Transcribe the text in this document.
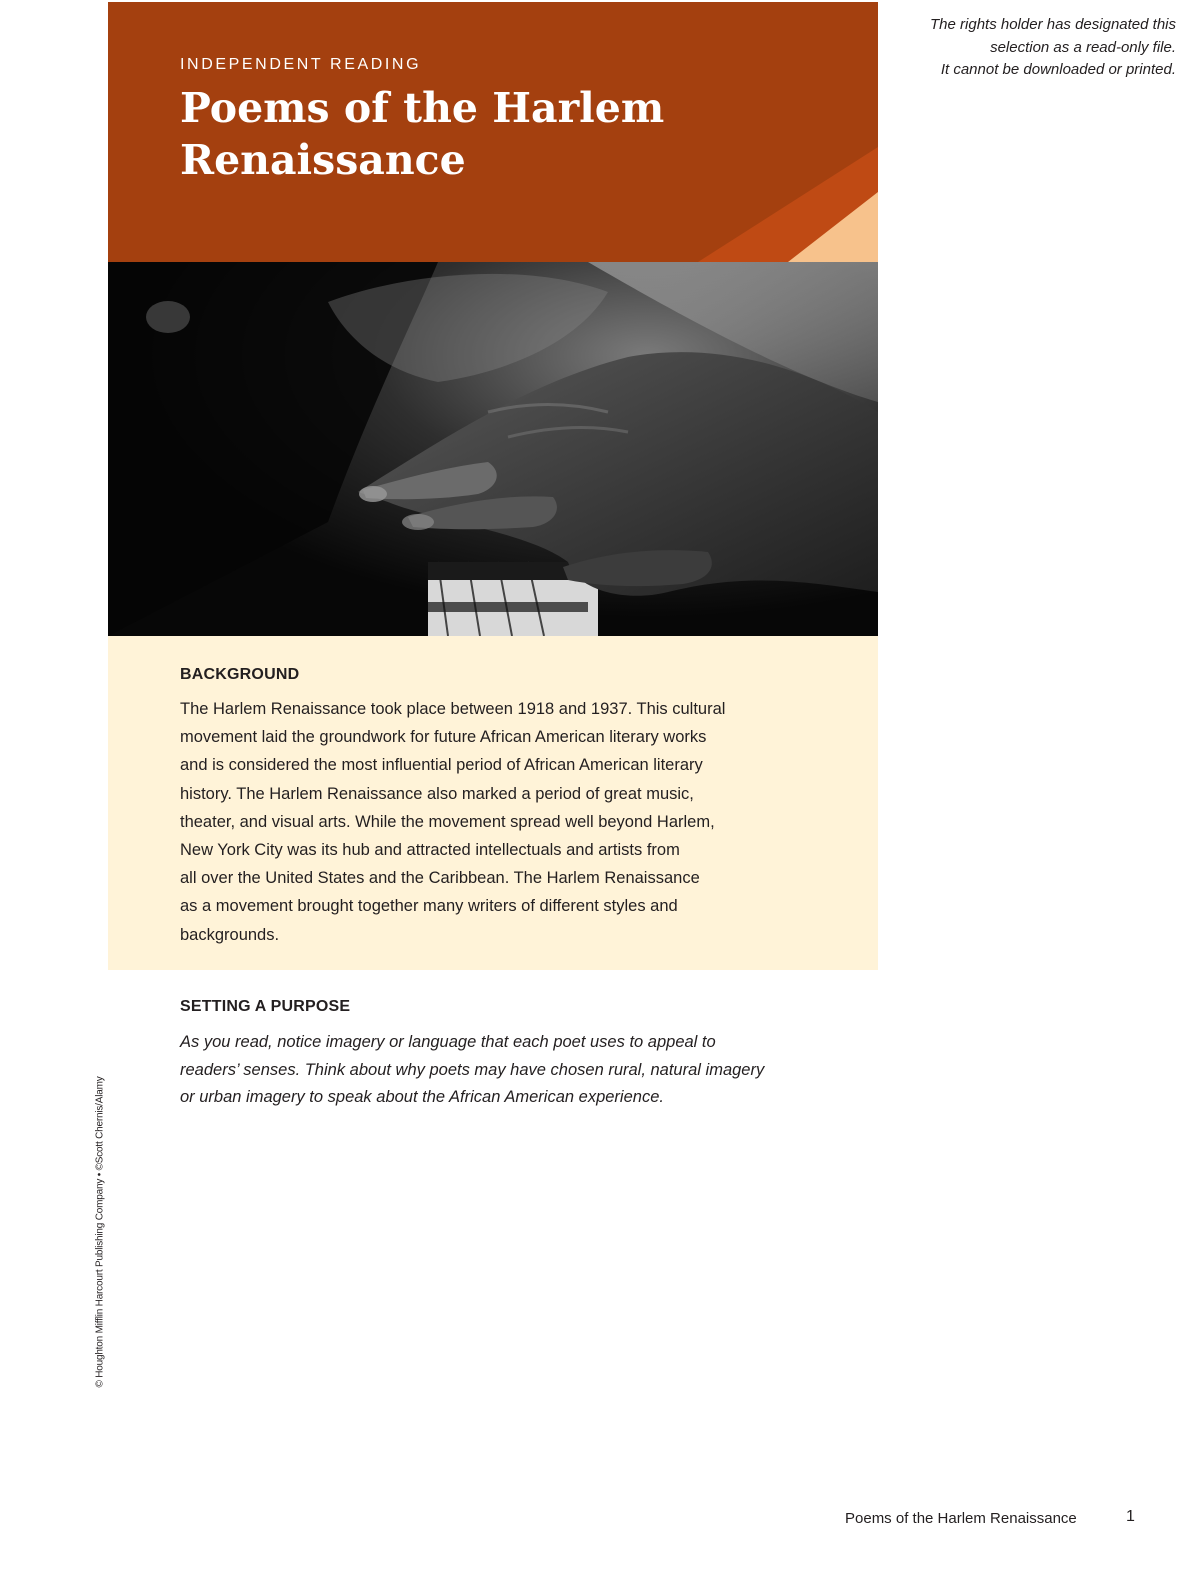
The rights holder has designated this
selection as a read-only file.
It cannot be downloaded or printed.
INDEPENDENT READING
Poems of the Harlem Renaissance
BACKGROUND
The Harlem Renaissance took place between 1918 and 1937. This cultural
movement laid the groundwork for future African American literary works
and is considered the most influential period of African American literary
history. The Harlem Renaissance also marked a period of great music,
theater, and visual arts. While the movement spread well beyond Harlem,
New York City was its hub and attracted intellectuals and artists from
all over the United States and the Caribbean. The Harlem Renaissance
as a movement brought together many writers of different styles and
backgrounds.
SETTING A PURPOSE
As you read, notice imagery or language that each poet uses to appeal to
readers’ senses. Think about why poets may have chosen rural, natural imagery
or urban imagery to speak about the African American experience.
© Houghton Mifflin Harcourt Publishing Company • ©Scott Chernis/Alamy
Poems of the Harlem Renaissance	1
